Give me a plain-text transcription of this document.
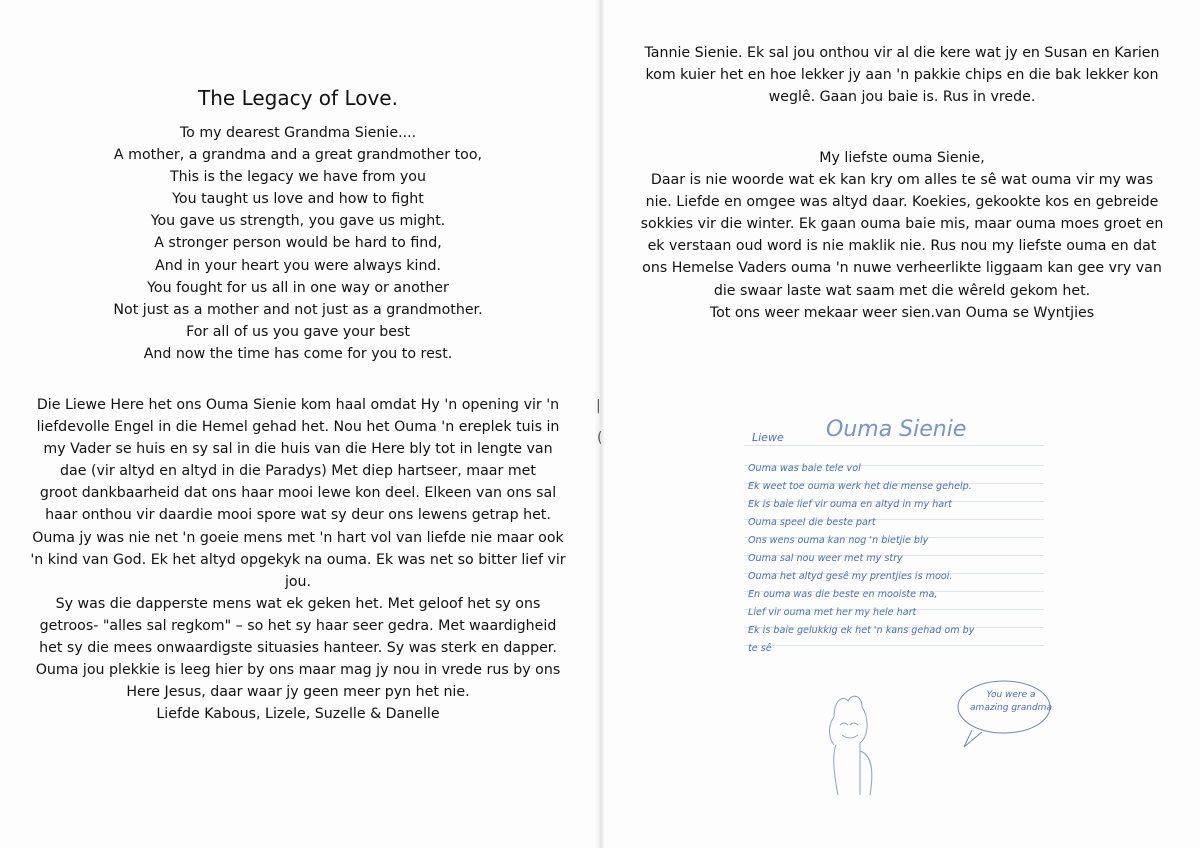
The Legacy of Love.
To my dearest Grandma Sienie....
A mother, a grandma and a great grandmother too,
This is the legacy we have from you
You taught us love and how to fight
You gave us strength, you gave us might.
A stronger person would be hard to find,
And in your heart you were always kind.
You fought for us all in one way or another
Not just as a mother and not just as a grandmother.
For all of us you gave your best
And now the time has come for you to rest.
Die Liewe Here het ons Ouma Sienie kom haal omdat Hy 'n opening vir 'n
liefdevolle Engel in die Hemel gehad het. Nou het Ouma 'n ereplek tuis in
my Vader se huis en sy sal in die huis van die Here bly tot in lengte van
dae (vir altyd en altyd in die Paradys) Met diep hartseer, maar met
groot dankbaarheid dat ons haar mooi lewe kon deel. Elkeen van ons sal
haar onthou vir daardie mooi spore wat sy deur ons lewens getrap het.
Ouma jy was nie net 'n goeie mens met 'n hart vol van liefde nie maar ook
'n kind van God. Ek het altyd opgekyk na ouma. Ek was net so bitter lief vir
jou.
Sy was die dapperste mens wat ek geken het. Met geloof het sy ons
getroos- "alles sal regkom" – so het sy haar seer gedra. Met waardigheid
het sy die mees onwaardigste situasies hanteer. Sy was sterk en dapper.
Ouma jou plekkie is leeg hier by ons maar mag jy nou in vrede rus by ons
Here Jesus, daar waar jy geen meer pyn het nie.
Liefde Kabous, Lizele, Suzelle & Danelle
|
(
Tannie Sienie. Ek sal jou onthou vir al die kere wat jy en Susan en Karien
kom kuier het en hoe lekker jy aan 'n pakkie chips en die bak lekker kon
weglê. Gaan jou baie is. Rus in vrede.
My liefste ouma Sienie,
Daar is nie woorde wat ek kan kry om alles te sê wat ouma vir my was
nie. Liefde en omgee was altyd daar. Koekies, gekookte kos en gebreide
sokkies vir die winter. Ek gaan ouma baie mis, maar ouma moes groet en
ek verstaan oud word is nie maklik nie. Rus nou my liefste ouma en dat
ons Hemelse Vaders ouma 'n nuwe verheerlikte liggaam kan gee vry van
die swaar laste wat saam met die wêreld gekom het.
Tot ons weer mekaar weer sien.van Ouma se Wyntjies
Liewe Ouma Sienie
Ouma was baie tele vol
Ek weet toe ouma werk het die mense gehelp.
Ek is baie lief vir ouma en altyd in my hart
Ouma speel die beste part
Ons wens ouma kan nog 'n bietjie bly
Ouma sal nou weer met my stry
Ouma het altyd gesê my prentjies is mooi.
En ouma was die beste en mooiste ma,
Lief vir ouma met her my hele hart
Ek is baie gelukkig ek het 'n kans gehad om by
te sê
You were a amazing grandma
